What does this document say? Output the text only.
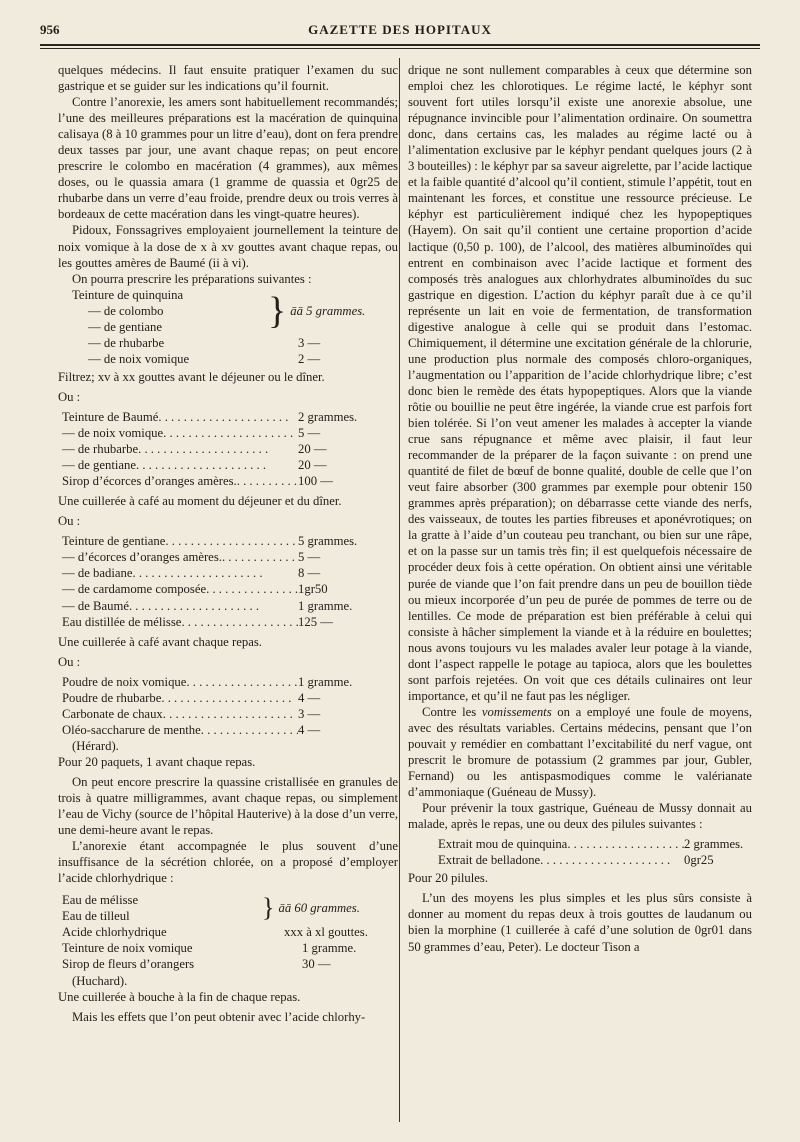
956	GAZETTE DES HOPITAUX

quelques médecins. Il faut ensuite pratiquer l’examen du suc gastrique et se guider sur les indications qu’il fournit.

Contre l’anorexie, les amers sont habituellement recommandés; l’une des meilleures préparations est la macération de quinquina calisaya (8 à 10 grammes pour un litre d’eau), dont on fera prendre deux tasses par jour, une avant chaque repas; on peut encore prescrire le colombo en macération (4 grammes), aux mêmes doses, ou le quassia amara (1 gramme de quassia et 0gr25 de rhubarbe dans un verre d’eau froide, prendre deux ou trois verres à bordeaux de cette macération dans les vingt-quatre heures).

Pidoux, Fonssagrives employaient journellement la teinture de noix vomique à la dose de x à xv gouttes avant chaque repas, ou les gouttes amères de Baumé (ii à vi).

On pourra prescrire les préparations suivantes :

Teinture de quinquina
— de colombo
— de gentiane	} āā 5 grammes.
— de rhubarbe	3 —
— de noix vomique	2 —

Filtrez; xv à xx gouttes avant le déjeuner ou le dîner.

Ou :

Teinture de Baumé . . .	2 grammes.
— de noix vomique . . .	5 —
— de rhubarbe . . .	20 —
— de gentiane . . .	20 —
Sirop d’écorces d’oranges amères. . . .	100 —

Une cuillerée à café au moment du déjeuner et du dîner.

Ou :

Teinture de gentiane . . .	5 grammes.
— d’écorces d’oranges amères. . . .	5 —
— de badiane . . .	8 —
— de cardamome composée . . .	1gr50
— de Baumé . . .	1 gramme.
Eau distillée de mélisse . . .	125 —

Une cuillerée à café avant chaque repas.

Ou :

Poudre de noix vomique . . .	1 gramme.
Poudre de rhubarbe . . .	4 —
Carbonate de chaux . . .	3 —
Oléo-saccharure de menthe . . .	4 —

(Hérard).

Pour 20 paquets, 1 avant chaque repas.

On peut encore prescrire la quassine cristallisée en granules de trois à quatre milligrammes, avant chaque repas, ou simplement l’eau de Vichy (source de l’hôpital Hauterive) à la dose d’un verre, une demi-heure avant le repas.

L’anorexie étant accompagnée le plus souvent d’une insuffisance de la sécrétion chlorée, on a proposé d’employer l’acide chlorhydrique :

Eau de mélisse
Eau de tilleul	} āā 60 grammes.
Acide chlorhydrique	xxx à xl gouttes.
Teinture de noix vomique	1 gramme.
Sirop de fleurs d’orangers	30 —

(Huchard).

Une cuillerée à bouche à la fin de chaque repas.

Mais les effets que l’on peut obtenir avec l’acide chlorhy-

drique ne sont nullement comparables à ceux que détermine son emploi chez les chlorotiques. Le régime lacté, le képhyr sont souvent fort utiles lorsqu’il existe une anorexie absolue, une répugnance invincible pour l’alimentation ordinaire. On soumettra donc, dans certains cas, les malades au régime lacté ou à l’alimentation exclusive par le képhyr pendant quelques jours (2 à 3 bouteilles) : le képhyr par sa saveur aigrelette, par l’acide lactique et la faible quantité d’alcool qu’il contient, stimule l’appétit, tout en maintenant les forces, et constitue une ressource précieuse. Le képhyr est particulièrement indiqué chez les hypopeptiques (Hayem). On sait qu’il contient une certaine proportion d’acide lactique (0,50 p. 100), de l’alcool, des matières albuminoïdes qui entrent en combinaison avec l’acide lactique et forment des composés très analogues aux chlorhydrates albuminoïdes du suc gastrique en digestion. L’action du képhyr paraît due à ce qu’il représente un lait en voie de fermentation, de transformation digestive analogue à celle qui se produit dans l’estomac. Chimiquement, il détermine une excitation générale de la chlorurie, une production plus normale des composés chloro-organiques, l’augmentation ou l’apparition de l’acide chlorhydrique libre; c’est donc bien le remède des états hypopeptiques. Alors que la viande rôtie ou bouillie ne peut être ingérée, la viande crue est parfois fort bien tolérée. Si l’on veut amener les malades à accepter la viande crue sans répugnance et même avec plaisir, il faut leur recommander de la préparer de la façon suivante : on prend une quantité de filet de bœuf de bonne qualité, double de celle que l’on veut faire absorber (300 grammes par exemple pour obtenir 150 grammes après préparation); on débarrasse cette viande des nerfs, des vaisseaux, de toutes les parties fibreuses et aponévrotiques; on la gratte à l’aide d’un couteau peu tranchant, ou bien sur une râpe, et on la passe sur un tamis très fin; il est quelquefois nécessaire de procéder deux fois à cette opération. On obtient ainsi une véritable purée de viande que l’on fait prendre dans un peu de bouillon tiède ou mieux incorporée d’un peu de purée de pommes de terre ou de lentilles. Ce mode de préparation est bien préférable à celui qui consiste à hâcher simplement la viande et à la réduire en boulettes; nous avons toujours vu les malades avaler leur potage à la viande, dont l’aspect rappelle le potage au tapioca, alors que les boulettes sont parfois rejetées. On voit que ces détails culinaires ont leur importance, et qu’il ne faut pas les négliger.

Contre les vomissements on a employé une foule de moyens, avec des résultats variables. Certains médecins, pensant que l’on pouvait y remédier en combattant l’excitabilité du nerf vague, ont prescrit le bromure de potassium (2 grammes par jour, Gubler, Fernand) ou les antispasmodiques comme le valérianate d’ammoniaque (Guéneau de Mussy).

Pour prévenir la toux gastrique, Guéneau de Mussy donnait au malade, après le repas, une ou deux des pilules suivantes :

Extrait mou de quinquina . . .	2 grammes.
Extrait de belladone . . .	0gr25

Pour 20 pilules.

L’un des moyens les plus simples et les plus sûrs consiste à donner au moment du repas deux à trois gouttes de laudanum ou bien la morphine (1 cuillerée à café d’une solution de 0gr01 dans 50 grammes d’eau, Peter). Le docteur Tison a
